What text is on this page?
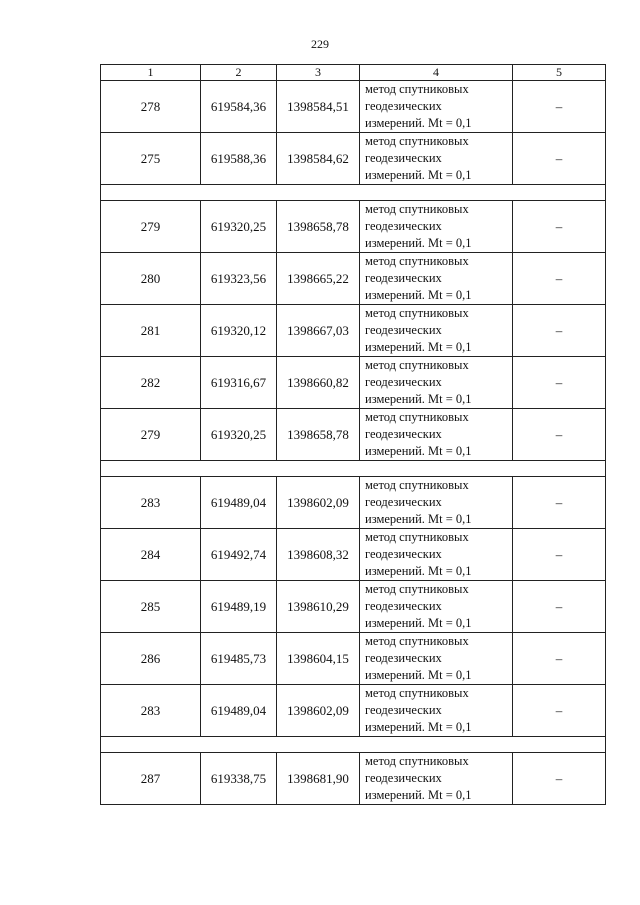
229
1	2	3	4	5
278	619584,36	1398584,51	метод спутниковых
геодезических
измерений. Mt = 0,1	–
275	619588,36	1398584,62	метод спутниковых
геодезических
измерений. Mt = 0,1	–

279	619320,25	1398658,78	метод спутниковых
геодезических
измерений. Mt = 0,1	–
280	619323,56	1398665,22	метод спутниковых
геодезических
измерений. Mt = 0,1	–
281	619320,12	1398667,03	метод спутниковых
геодезических
измерений. Mt = 0,1	–
282	619316,67	1398660,82	метод спутниковых
геодезических
измерений. Mt = 0,1	–
279	619320,25	1398658,78	метод спутниковых
геодезических
измерений. Mt = 0,1	–

283	619489,04	1398602,09	метод спутниковых
геодезических
измерений. Mt = 0,1	–
284	619492,74	1398608,32	метод спутниковых
геодезических
измерений. Mt = 0,1	–
285	619489,19	1398610,29	метод спутниковых
геодезических
измерений. Mt = 0,1	–
286	619485,73	1398604,15	метод спутниковых
геодезических
измерений. Mt = 0,1	–
283	619489,04	1398602,09	метод спутниковых
геодезических
измерений. Mt = 0,1	–

287	619338,75	1398681,90	метод спутниковых
геодезических
измерений. Mt = 0,1	–
